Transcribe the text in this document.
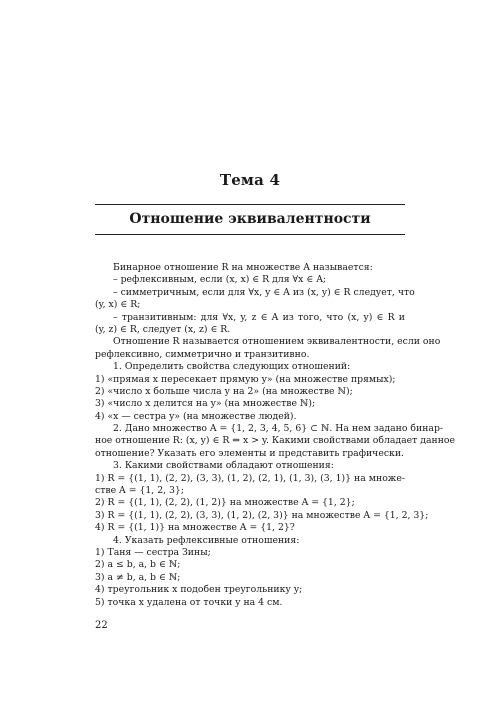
Тема 4
Отношение эквивалентности
Бинарное отношение R на множестве A называется:
– рефлексивным, если (x, x) ∈ R для ∀x ∈ A;
– симметричным, если для ∀x, y ∈ A из (x, y) ∈ R следует, что
(y, x) ∈ R;
– транзитивным: для ∀x, y, z ∈ A из того, что (x, y) ∈ R и
(y, z) ∈ R, следует (x, z) ∈ R.
Отношение R называется отношением эквивалентности, если оно
рефлексивно, симметрично и транзитивно.
1. Определить свойства следующих отношений:
1) «прямая x пересекает прямую y» (на множестве прямых);
2) «число x больше числа y на 2» (на множестве ℕ);
3) «число x делится на y» (на множестве ℕ);
4) «x — сестра y» (на множестве людей).
2. Дано множество A = {1, 2, 3, 4, 5, 6} ⊂ ℕ. На нем задано бинар-
ное отношение R: (x, y) ∈ R ⇔ x > y. Какими свойствами обладает данное
отношение? Указать его элементы и представить графически.
3. Какими свойствами обладают отношения:
1) R = {(1, 1), (2, 2), (3, 3), (1, 2), (2, 1), (1, 3), (3, 1)} на множе-
стве A = {1, 2, 3};
2) R = {(1, 1), (2, 2), (1, 2)} на множестве A = {1, 2};
3) R = {(1, 1), (2, 2), (3, 3), (1, 2), (2, 3)} на множестве A = {1, 2, 3};
4) R = {(1, 1)} на множестве A = {1, 2}?
4. Указать рефлексивные отношения:
1) Таня — сестра Зины;
2) a ≤ b, a, b ∈ ℕ;
3) a ≠ b, a, b ∈ ℕ;
4) треугольник x подобен треугольнику y;
5) точка x удалена от точки y на 4 см.
22
